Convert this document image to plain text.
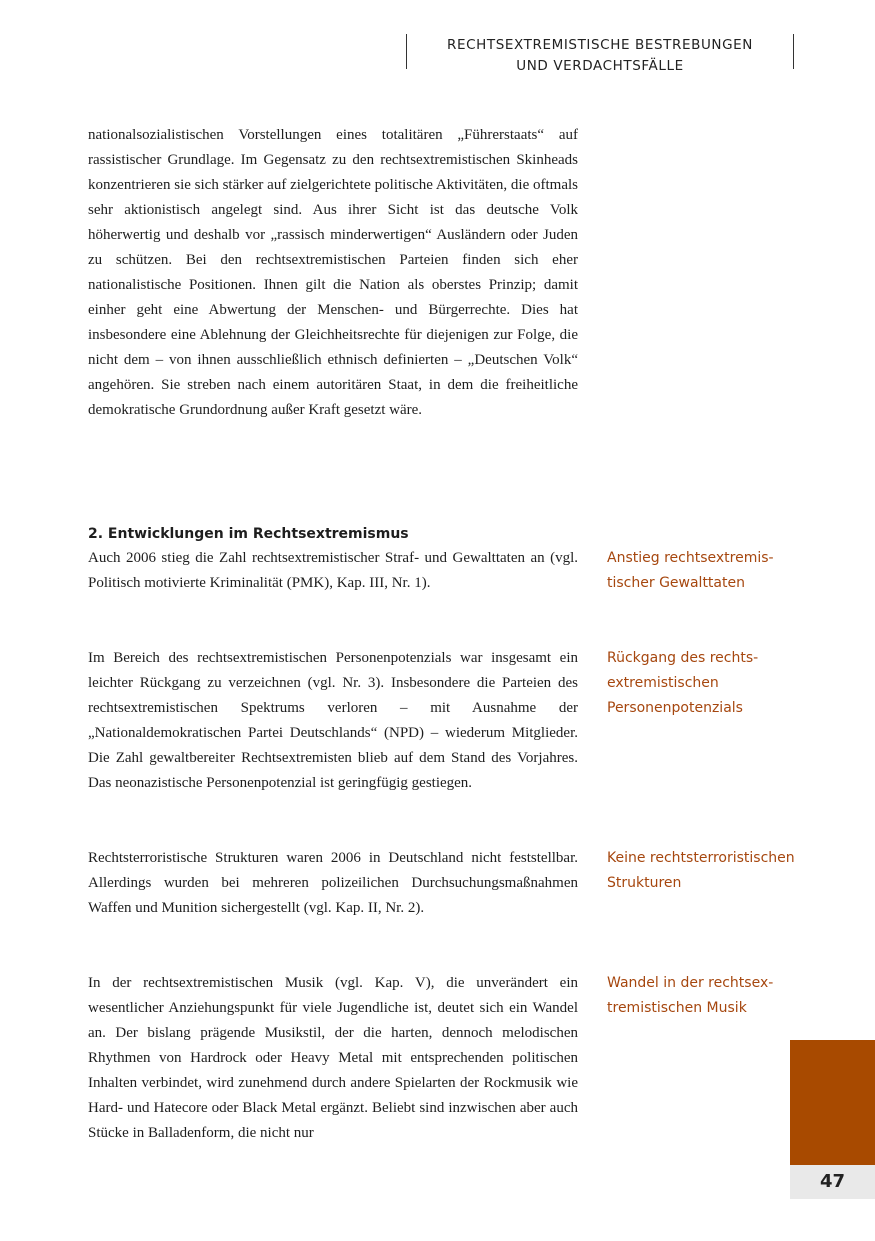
RECHTSEXTREMISTISCHE BESTREBUNGEN
UND VERDACHTSFÄLLE

nationalsozialistischen Vorstellungen eines totalitären „Führerstaats“ auf rassistischer Grundlage. Im Gegensatz zu den rechtsextremistischen Skinheads konzentrieren sie sich stärker auf zielgerichtete politische Aktivitäten, die oftmals sehr aktionistisch angelegt sind. Aus ihrer Sicht ist das deutsche Volk höherwertig und deshalb vor „rassisch minderwertigen“ Ausländern oder Juden zu schützen. Bei den rechtsextremistischen Parteien finden sich eher nationalistische Positionen. Ihnen gilt die Nation als oberstes Prinzip; damit einher geht eine Abwertung der Menschen- und Bürgerrechte. Dies hat insbesondere eine Ablehnung der Gleichheitsrechte für diejenigen zur Folge, die nicht dem – von ihnen ausschließlich ethnisch definierten – „Deutschen Volk“ angehören. Sie streben nach einem autoritären Staat, in dem die freiheitliche demokratische Grundordnung außer Kraft gesetzt wäre.

2. Entwicklungen im Rechtsextremismus

Auch 2006 stieg die Zahl rechtsextremistischer Straf- und Gewalttaten an (vgl. Politisch motivierte Kriminalität (PMK), Kap. III, Nr. 1).

Anstieg rechtsextremistischer Gewalttaten

Im Bereich des rechtsextremistischen Personenpotenzials war insgesamt ein leichter Rückgang zu verzeichnen (vgl. Nr. 3). Insbesondere die Parteien des rechtsextremistischen Spektrums verloren – mit Ausnahme der „Nationaldemokratischen Partei Deutschlands“ (NPD) – wiederum Mitglieder. Die Zahl gewaltbereiter Rechtsextremisten blieb auf dem Stand des Vorjahres. Das neonazistische Personenpotenzial ist geringfügig gestiegen.

Rückgang des rechtsextremistischen Personenpotenzials

Rechtsterroristische Strukturen waren 2006 in Deutschland nicht feststellbar. Allerdings wurden bei mehreren polizeilichen Durchsuchungsmaßnahmen Waffen und Munition sichergestellt (vgl. Kap. II, Nr. 2).

Keine rechtsterroristischen Strukturen

In der rechtsextremistischen Musik (vgl. Kap. V), die unverändert ein wesentlicher Anziehungspunkt für viele Jugendliche ist, deutet sich ein Wandel an. Der bislang prägende Musikstil, der die harten, dennoch melodischen Rhythmen von Hardrock oder Heavy Metal mit entsprechenden politischen Inhalten verbindet, wird zunehmend durch andere Spielarten der Rockmusik wie Hard- und Hatecore oder Black Metal ergänzt. Beliebt sind inzwischen aber auch Stücke in Balladenform, die nicht nur

Wandel in der rechtsextremistischen Musik

47
